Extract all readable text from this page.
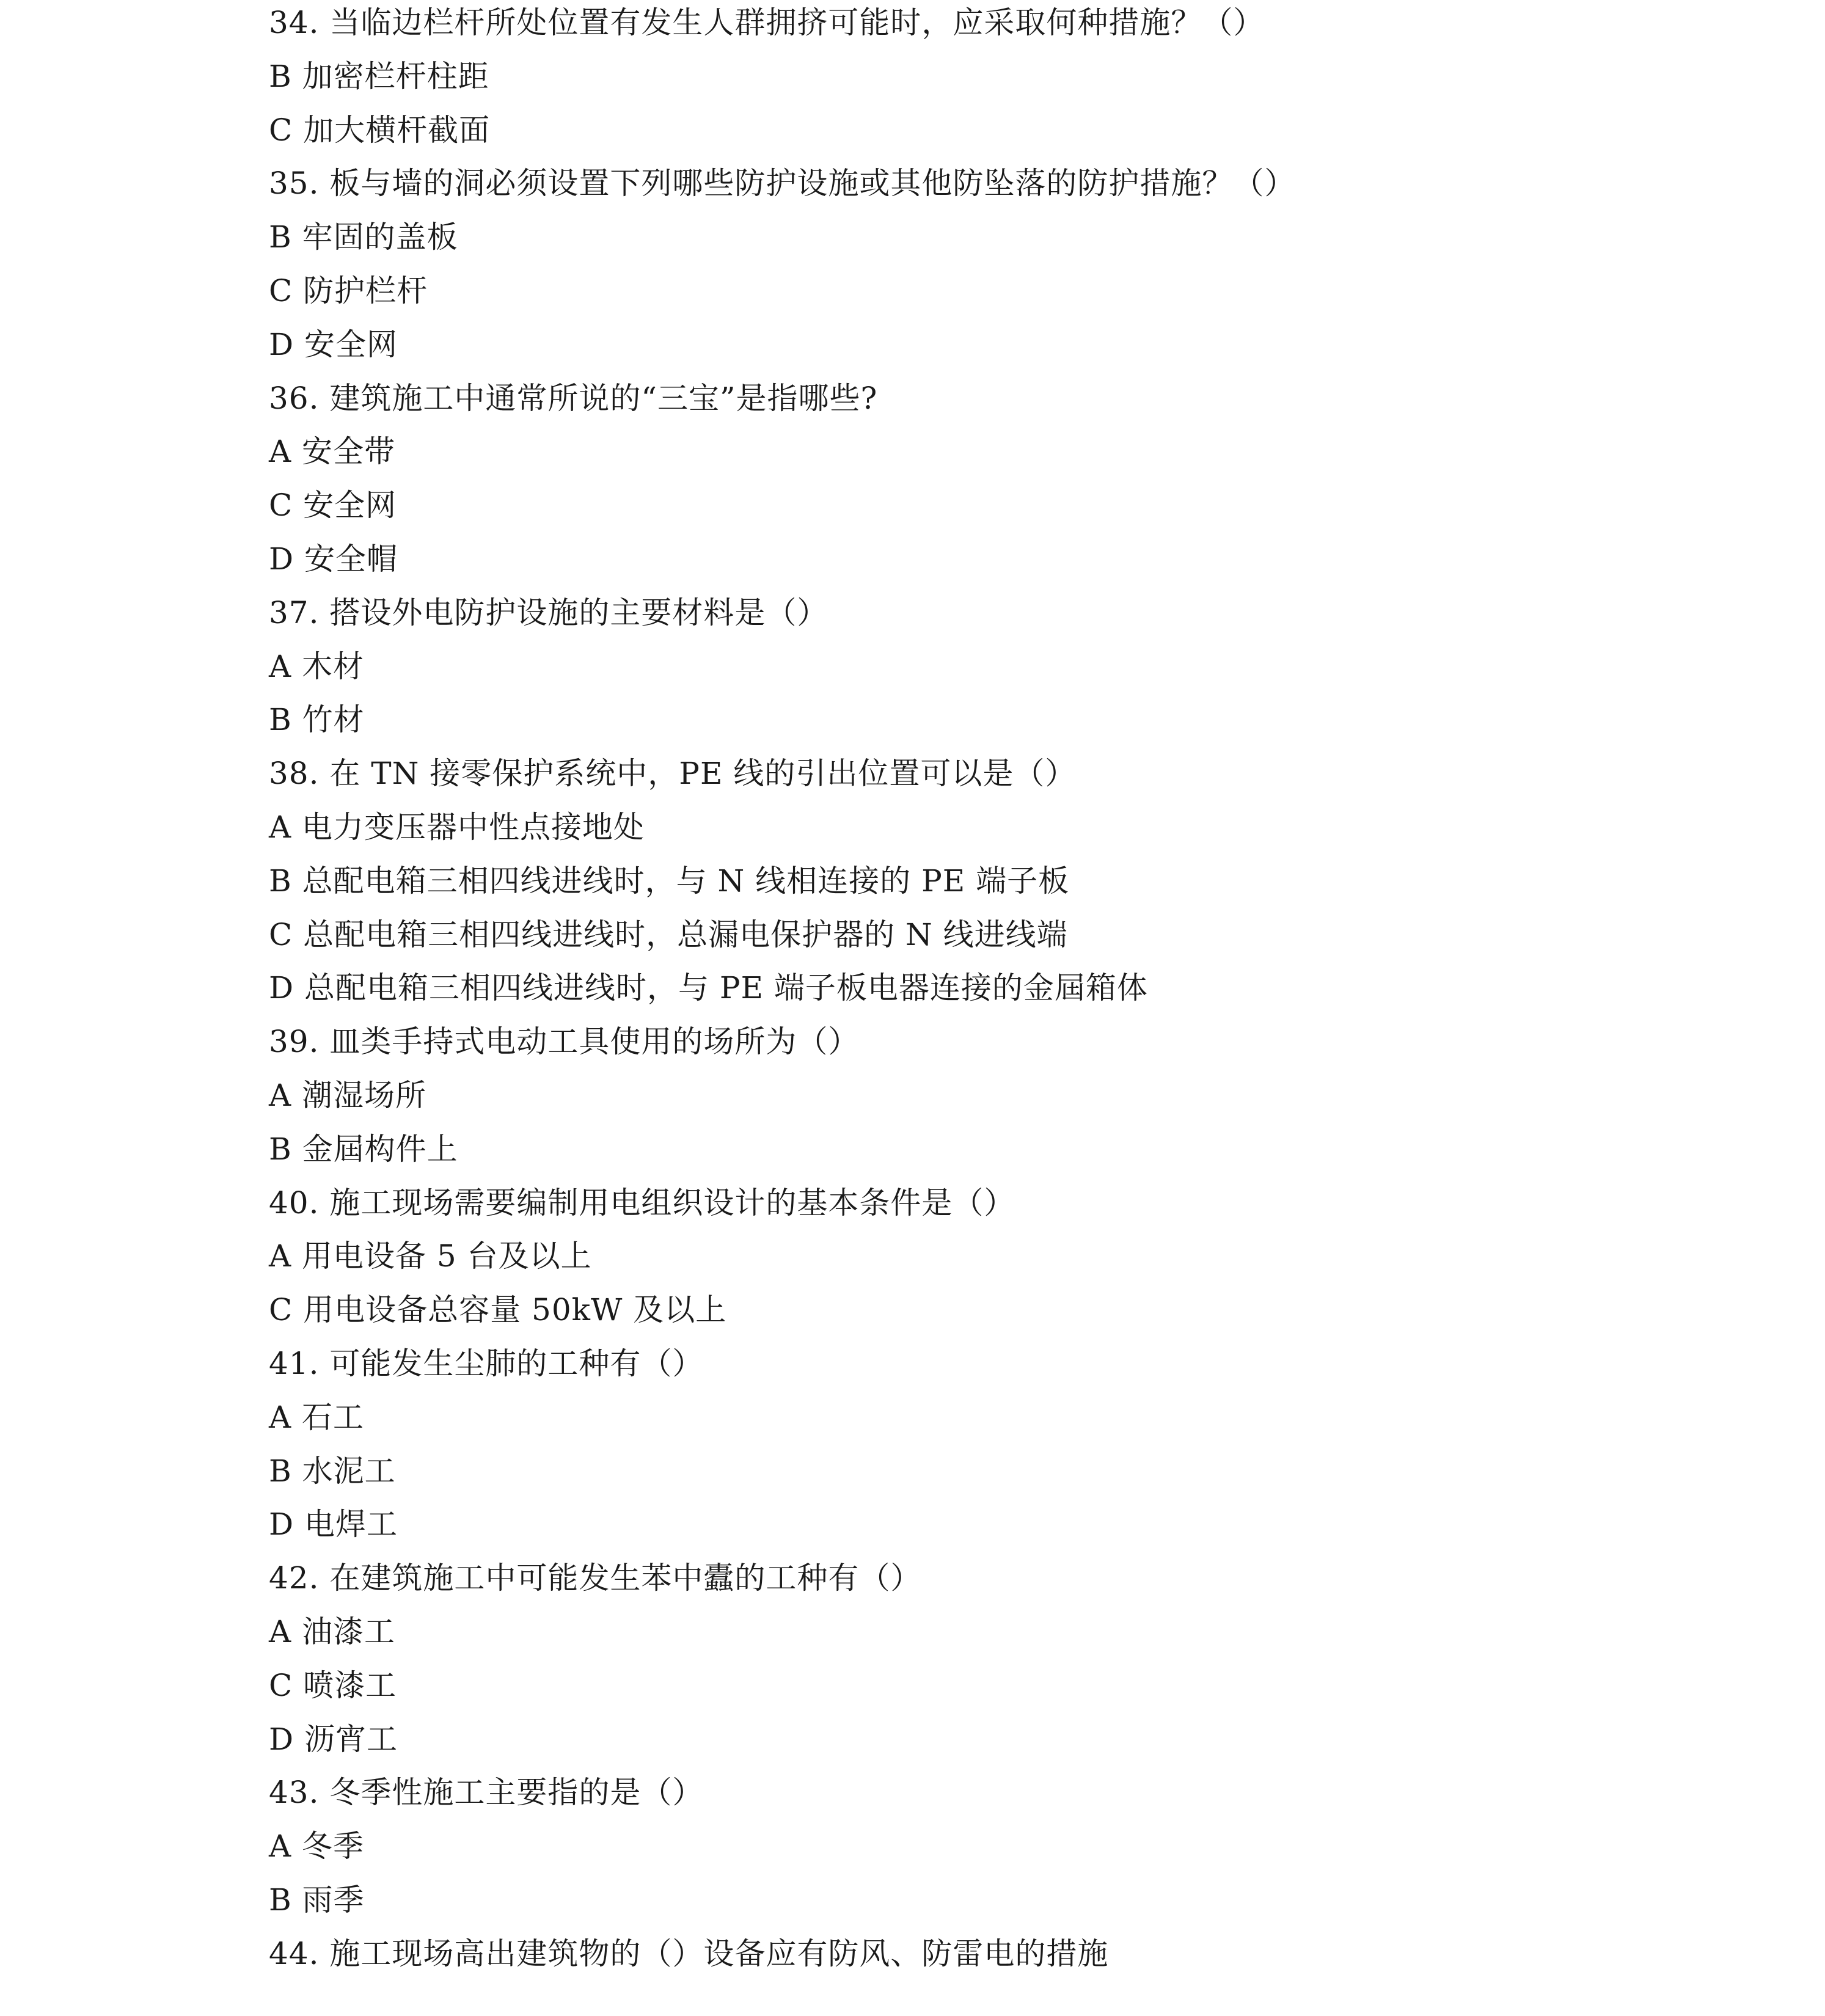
34. 当临边栏杆所处位置有发生人群拥挤可能时，应采取何种措施？（）
B 加密栏杆柱距
C 加大横杆截面
35. 板与墙的洞必须设置下列哪些防护设施或其他防坠落的防护措施？（）
B 牢固的盖板
C 防护栏杆
D 安全网
36. 建筑施工中通常所说的“三宝”是指哪些?
A 安全带
C 安全网
D 安全帽
37. 搭设外电防护设施的主要材料是（）
A 木材
B 竹材
38. 在 TN 接零保护系统中，PE 线的引出位置可以是（）
A 电力变压器中性点接地处
B 总配电箱三相四线进线时，与 N 线相连接的 PE 端子板
C 总配电箱三相四线进线时，总漏电保护器的 N 线进线端
D 总配电箱三相四线进线时，与 PE 端子板电器连接的金屆箱体
39. 皿类手持式电动工具使用的场所为（）
A 潮湿场所
B 金屆构件上
40. 施工现场需要编制用电组织设计的基本条件是（）
A 用电设备 5 台及以上
C 用电设备总容量 50kW 及以上
41. 可能发生尘肺的工种有（）
A 石工
B 水泥工
D 电焊工
42. 在建筑施工中可能发生苯中蠹的工种有（）
A 油漆工
C 喷漆工
D 沥宵工
43. 冬季性施工主要指的是（）
A 冬季
B 雨季
44. 施工现场高出建筑物的（）设备应有防风、防雷电的措施
